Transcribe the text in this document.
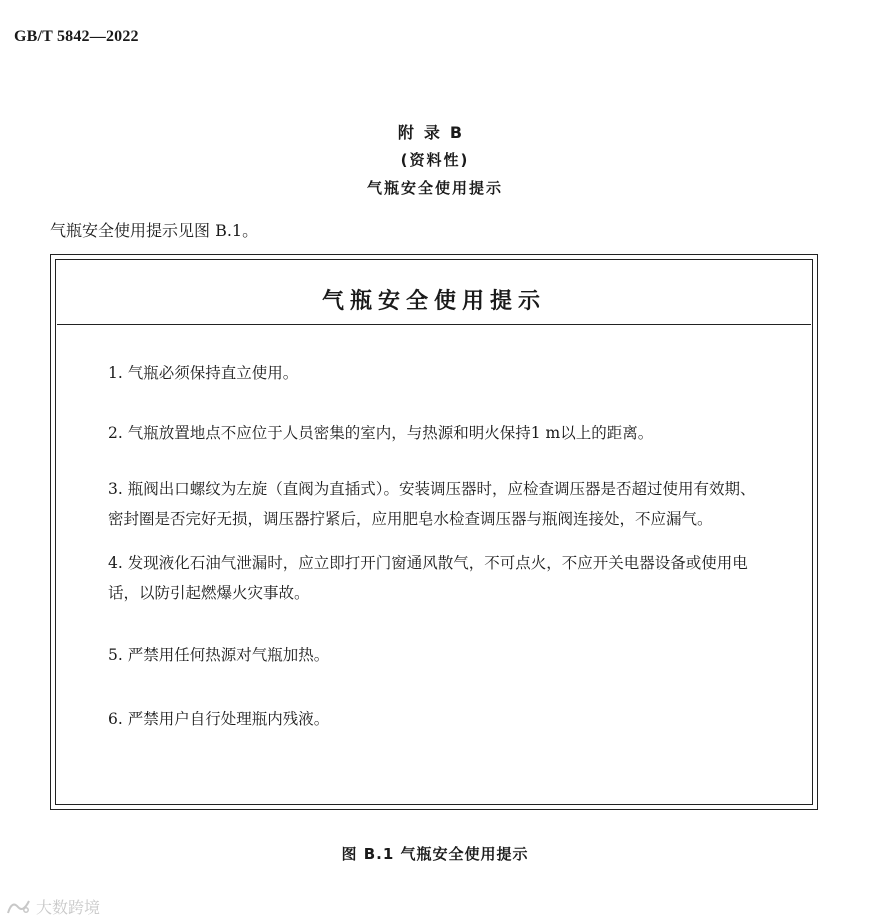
GB/T 5842—2022
附录B
(资料性)
气瓶安全使用提示
气瓶安全使用提示见图 B.1。
气瓶安全使用提示
1. 气瓶必须保持直立使用。
2. 气瓶放置地点不应位于人员密集的室内，与热源和明火保持1 m以上的距离。
3. 瓶阀出口螺纹为左旋（直阀为直插式）。安装调压器时，应检查调压器是否超过使用有效期、密封圈是否完好无损，调压器拧紧后，应用肥皂水检查调压器与瓶阀连接处，不应漏气。
4. 发现液化石油气泄漏时，应立即打开门窗通风散气，不可点火，不应开关电器设备或使用电话，以防引起燃爆火灾事故。
5. 严禁用任何热源对气瓶加热。
6. 严禁用户自行处理瓶内残液。
图 B.1 气瓶安全使用提示
大数跨境
